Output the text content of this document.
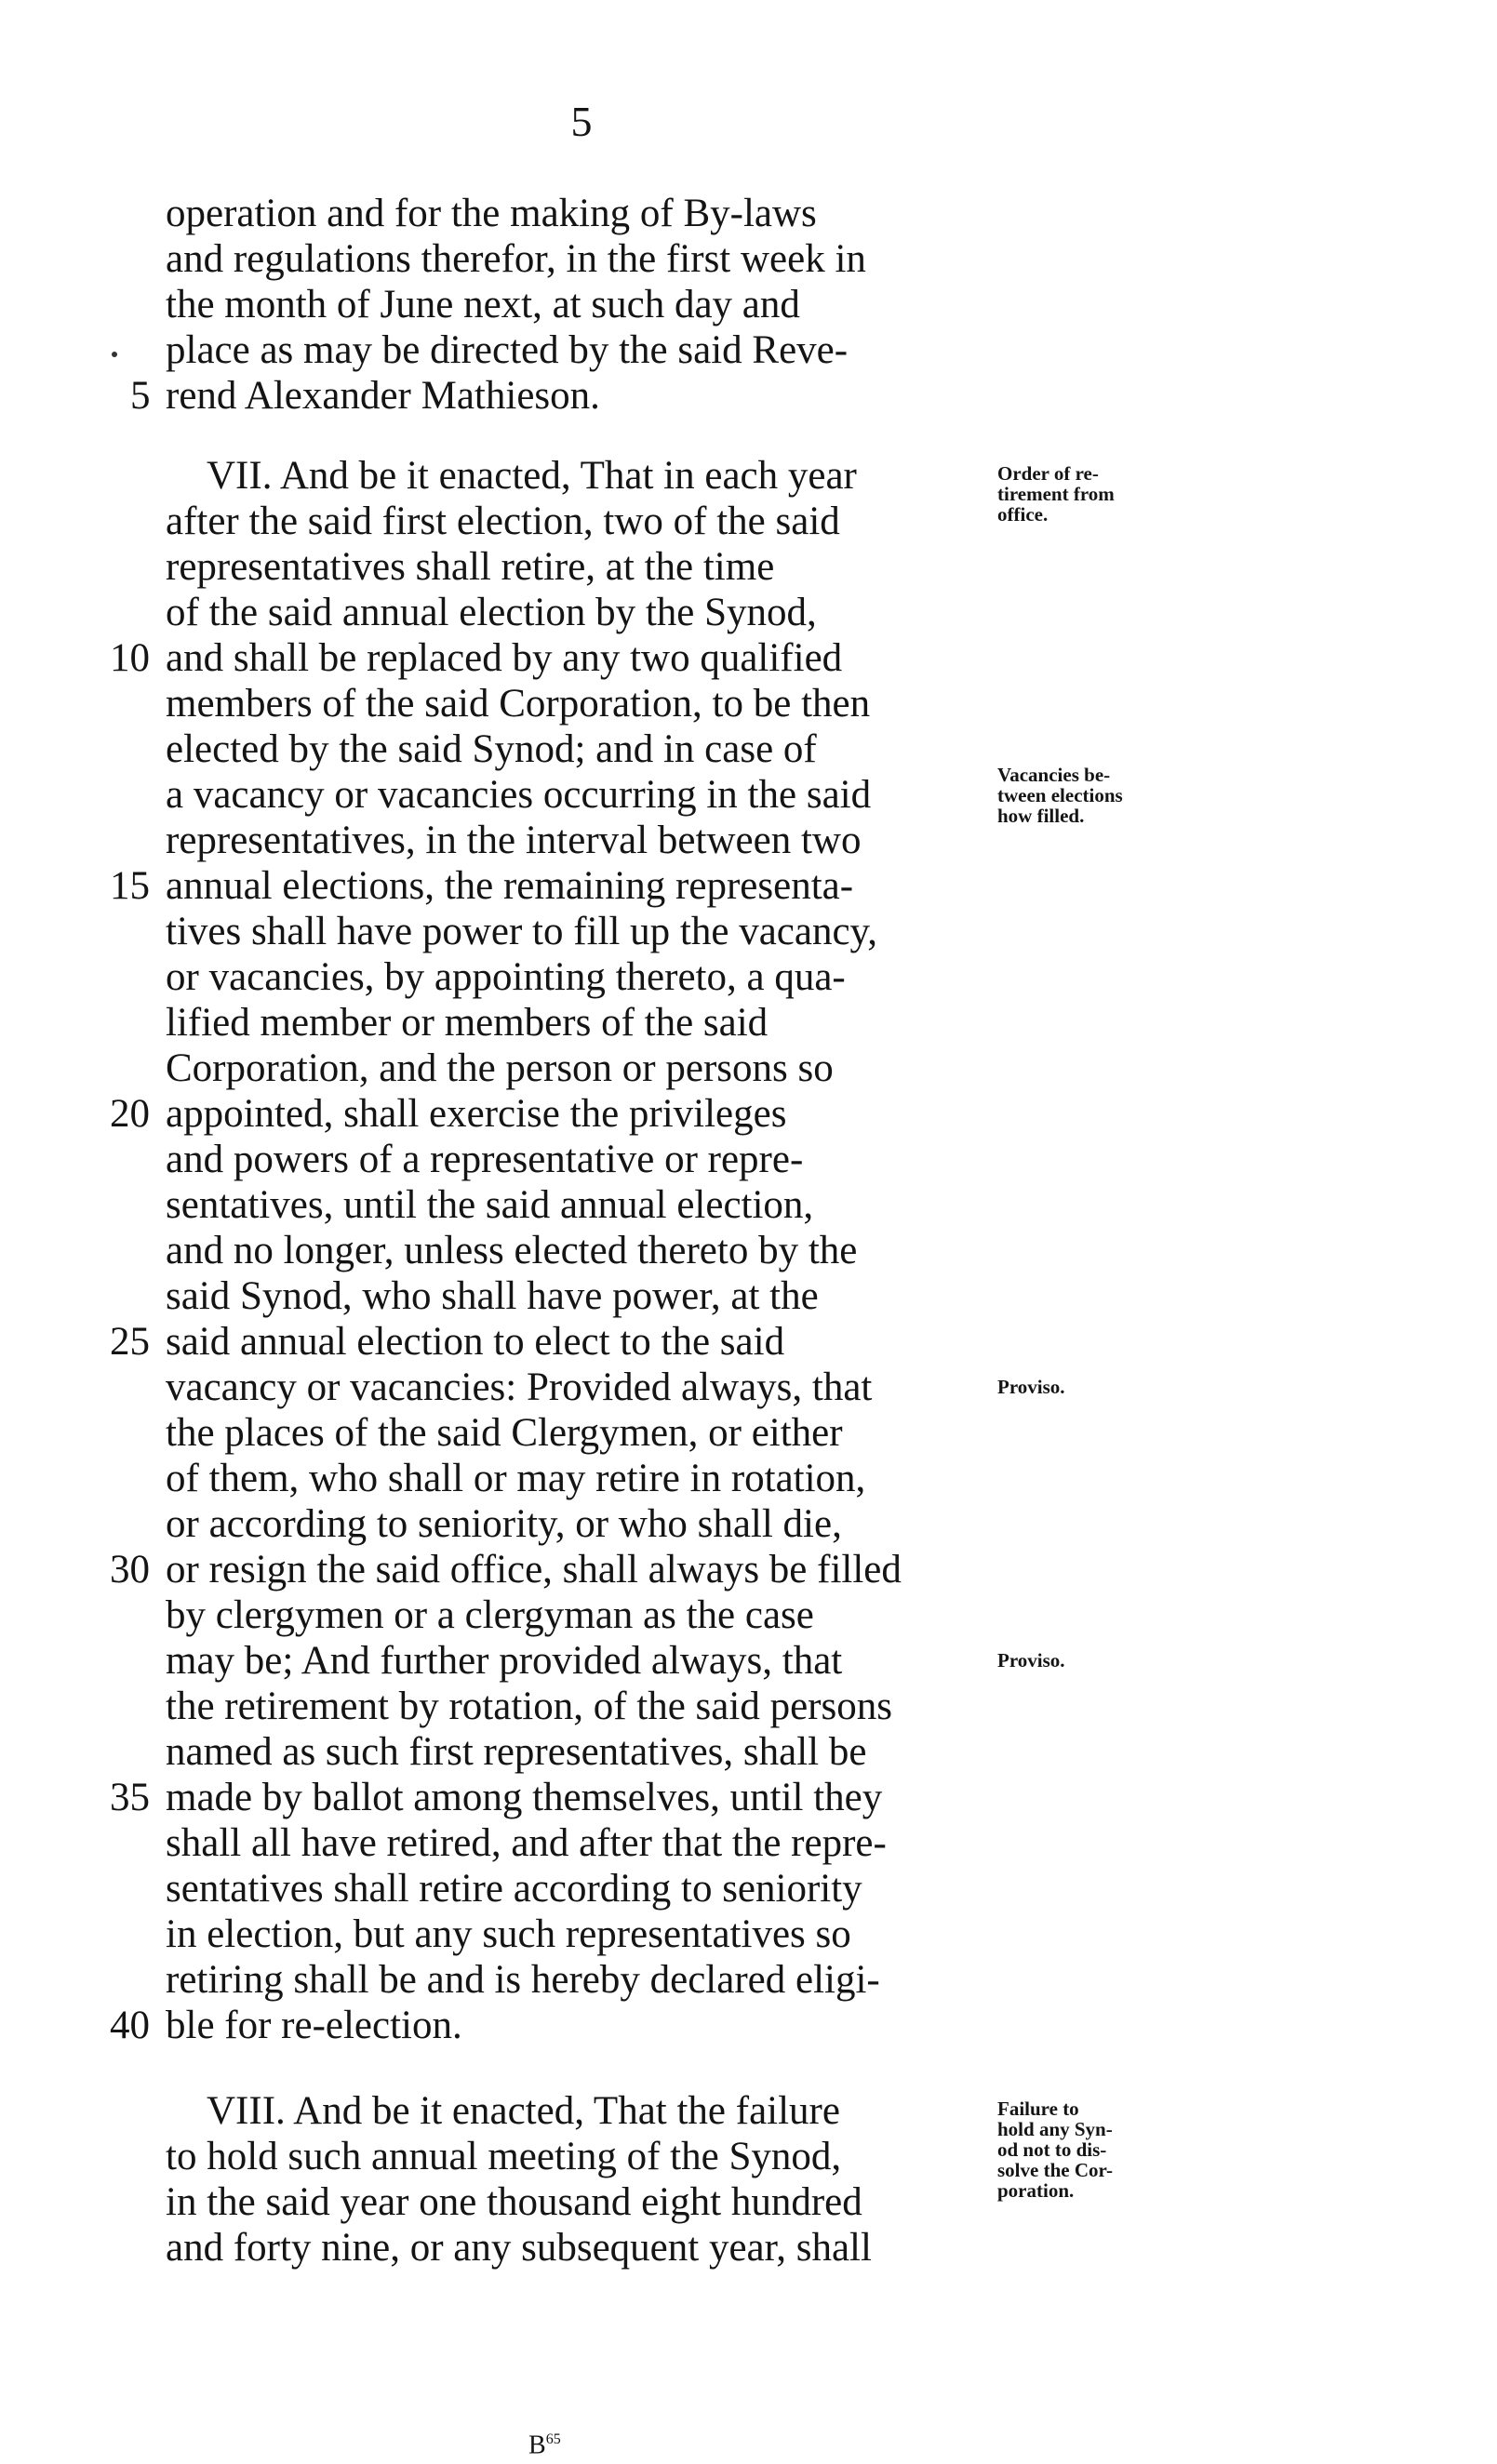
5
operation and for the making of By-laws
and regulations therefor, in the first week in
the month of June next, at such day and
place as may be directed by the said Reve-
rend Alexander Mathieson.
VII. And be it enacted, That in each year
after the said first election, two of the said
representatives shall retire, at the time
of the said annual election by the Synod,
and shall be replaced by any two qualified
members of the said Corporation, to be then
elected by the said Synod; and in case of
a vacancy or vacancies occurring in the said
representatives, in the interval between two
annual elections, the remaining representa-
tives shall have power to fill up the vacancy,
or vacancies, by appointing thereto, a qua-
lified member or members of the said
Corporation, and the person or persons so
appointed, shall exercise the privileges
and powers of a representative or repre-
sentatives, until the said annual election,
and no longer, unless elected thereto by the
said Synod, who shall have power, at the
said annual election to elect to the said
vacancy or vacancies: Provided always, that
the places of the said Clergymen, or either
of them, who shall or may retire in rotation,
or according to seniority, or who shall die,
or resign the said office, shall always be filled
by clergymen or a clergyman as the case
may be; And further provided always, that
the retirement by rotation, of the said persons
named as such first representatives, shall be
made by ballot among themselves, until they
shall all have retired, and after that the repre-
sentatives shall retire according to seniority
in election, but any such representatives so
retiring shall be and is hereby declared eligi-
ble for re-election.
VIII. And be it enacted, That the failure
to hold such annual meeting of the Synod,
in the said year one thousand eight hundred
and forty nine, or any subsequent year, shall
5
10
15
20
25
30
35
40
Order of re-
tirement from
office.
Vacancies be-
tween elections
how filled.
Proviso.
Proviso.
Failure to
hold any Syn-
od not to dis-
solve the Cor-
poration.
$B^{65}$
